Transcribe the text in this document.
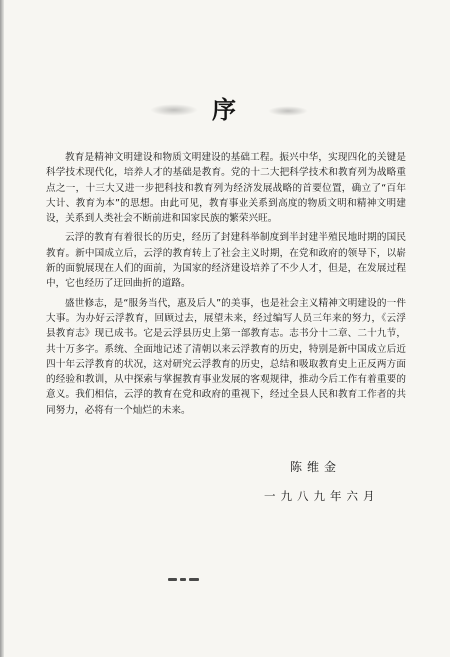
序

教育是精神文明建设和物质文明建设的基础工程。振兴中华，实现四化的关键是科学技术现代化，培养人才的基础是教育。党的十二大把科学技术和教育列为战略重点之一，十三大又进一步把科技和教育列为经济发展战略的首要位置，确立了“百年大计、教育为本”的思想。由此可见，教育事业关系到高度的物质文明和精神文明建设，关系到人类社会不断前进和国家民族的繁荣兴旺。

云浮的教育有着很长的历史，经历了封建科举制度到半封建半殖民地时期的国民教育。新中国成立后，云浮的教育转上了社会主义时期，在党和政府的领导下，以崭新的面貌展现在人们的面前，为国家的经济建设培养了不少人才，但是，在发展过程中，它也经历了迂回曲折的道路。

盛世修志，是“服务当代，惠及后人”的美事，也是社会主义精神文明建设的一件大事。为办好云浮教育，回顾过去，展望未来，经过编写人员三年来的努力，《云浮县教育志》现已成书。它是云浮县历史上第一部教育志。志书分十二章、二十九节，共十万多字。系统、全面地记述了清朝以来云浮教育的历史，特别是新中国成立后近四十年云浮教育的状况，这对研究云浮教育的历史，总结和吸取教育史上正反两方面的经验和教训，从中探索与掌握教育事业发展的客观规律，推动今后工作有着重要的意义。我们相信，云浮的教育在党和政府的重视下，经过全县人民和教育工作者的共同努力，必将有一个灿烂的未来。

陈维金
一九八九年六月
